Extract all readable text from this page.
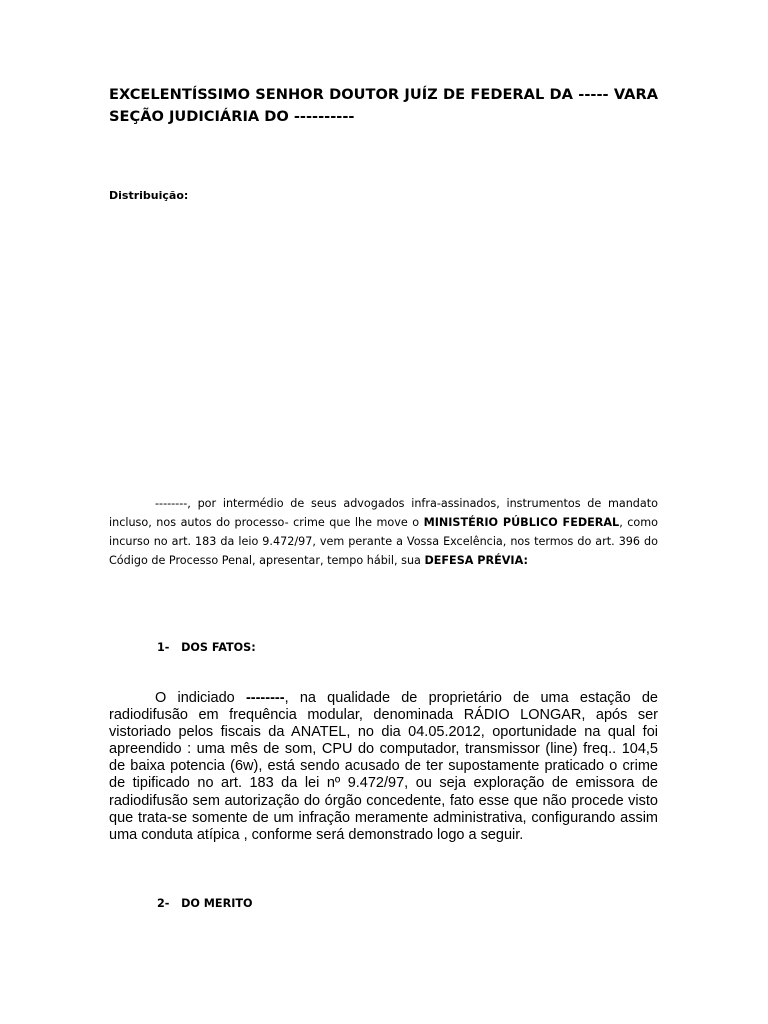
EXCELENTÍSSIMO SENHOR DOUTOR JUÍZ DE FEDERAL DA ----- VARA
SEÇÃO JUDICIÁRIA DO ----------

Distribuição:

--------, por intermédio de seus advogados infra-assinados, instrumentos de mandato incluso, nos autos do processo- crime que lhe move o MINISTÉRIO PÚBLICO FEDERAL, como incurso no art. 183 da leio 9.472/97, vem perante a Vossa Excelência, nos termos do art. 396 do Código de Processo Penal, apresentar, tempo hábil, sua DEFESA PRÉVIA:

1-   DOS FATOS:

O indiciado --------, na qualidade de proprietário de uma estação de radiodifusão em frequência modular, denominada RÁDIO LONGAR, após ser vistoriado pelos fiscais da ANATEL, no dia 04.05.2012, oportunidade na qual foi apreendido : uma mês de som, CPU do computador, transmissor (line) freq.. 104,5 de baixa potencia (6w), está sendo acusado de ter supostamente praticado o crime de tipificado no art. 183 da lei nº 9.472/97, ou seja exploração de emissora de radiodifusão sem autorização do órgão concedente, fato esse que não procede visto que trata-se somente de um infração meramente administrativa, configurando assim uma conduta atípica , conforme será demonstrado logo a seguir.

2-   DO MERITO
